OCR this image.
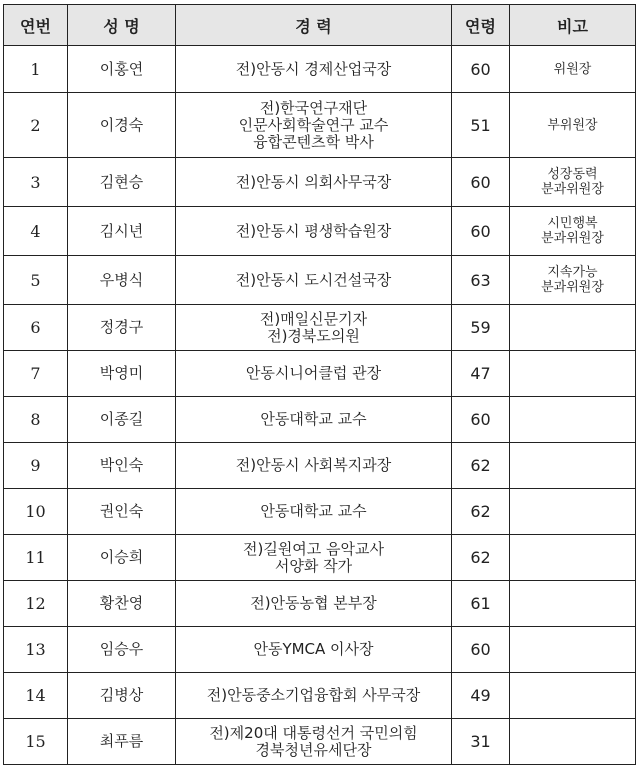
연번	성 명	경 력	연령	비고
1	이홍연	전)안동시 경제산업국장	60	위원장

2	이경숙	전)한국연구재단
인문사회학술연구 교수
융합콘텐츠학 박사	51	부위원장

3	김현승	전)안동시 의회사무국장	60	성장동력
분과위원장

4	김시년	전)안동시 평생학습원장	60	시민행복
분과위원장

5	우병식	전)안동시 도시건설국장	63	지속가능
분과위원장

6	정경구	전)매일신문기자
전)경북도의원	59	
7	박영미	안동시니어클럽 관장	47	
8	이종길	안동대학교 교수	60	
9	박인숙	전)안동시 사회복지과장	62	
10	권인숙	안동대학교 교수	62	
11	이승희	전)길원여고 음악교사
서양화 작가	62	
12	황찬영	전)안동농협 본부장	61	
13	임승우	안동YMCA 이사장	60	
14	김병상	전)안동중소기업융합회 사무국장	49	
15	최푸름	전)제20대 대통령선거 국민의힘
경북청년유세단장	31	
